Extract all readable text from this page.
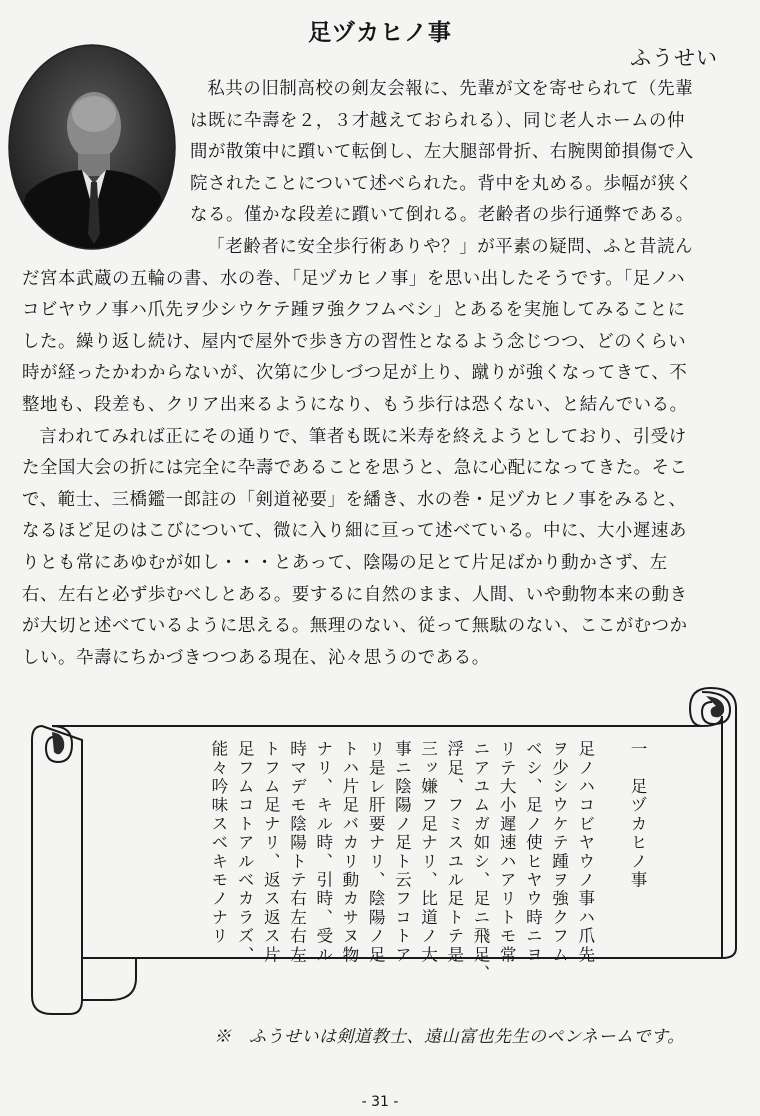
足ヅカヒノ事
ふうせい

私共の旧制高校の剣友会報に、先輩が文を寄せられて（先輩は既に卆壽を２，３才越えておられる）、同じ老人ホームの仲間が散策中に躓いて転倒し、左大腿部骨折、右腕関節損傷で入院されたことについて述べられた。背中を丸める。歩幅が狭くなる。僅かな段差に躓いて倒れる。老齢者の歩行通弊である。

「老齢者に安全歩行術ありや？」が平素の疑問、ふと昔読んだ宮本武蔵の五輪の書、水の巻、「足ヅカヒノ事」を思い出したそうです。「足ノハコビヤウノ事ハ爪先ヲ少シウケテ踵ヲ強クフムベシ」とあるを実施してみることにした。繰り返し続け、屋内で屋外で歩き方の習性となるよう念じつつ、どのくらい時が経ったかわからないが、次第に少しづつ足が上り、蹴りが強くなってきて、不整地も、段差も、クリア出来るようになり、もう歩行は恐くない、と結んでいる。

言われてみれば正にその通りで、筆者も既に米寿を終えようとしており、引受けた全国大会の折には完全に卆壽であることを思うと、急に心配になってきた。そこで、範士、三橋鑑一郎註の「剣道祕要」を繙き、水の巻・足ヅカヒノ事をみると、なるほど足のはこびについて、微に入り細に亘って述べている。中に、大小遲速ありとも常にあゆむが如し・・・とあって、陰陽の足とて片足ばかり動かさず、左右、左右と必ず歩むべしとある。要するに自然のまま、人間、いや動物本来の動きが大切と述べているように思える。無理のない、従って無駄のない、ここがむつかしい。卆壽にちかづきつつある現在、沁々思うのである。

一　足ヅカヒノ事
足ノハコビヤウノ事ハ爪先
ヲ少シウケテ踵ヲ強クフム
ベシ、足ノ使ヒヤウ時ニヨ
リテ大小遲速ハアリトモ常
ニアユムガ如シ、足ニ飛足、
浮足、フミスユル足トテ是
三ッ嫌フ足ナリ、比道ノ大
事ニ陰陽ノ足ト云フコトア
リ是レ肝要ナリ、陰陽ノ足
トハ片足バカリ動カサヌ物
ナリ、キル時、引時、受ル
時マデモ陰陽トテ右左右左
トフム足ナリ、返ス返ス片
足フムコトアルベカラズ、
能々吟味スベキモノナリ
※　ふうせいは剣道教士、遠山富也先生のペンネームです。
- 31 -
